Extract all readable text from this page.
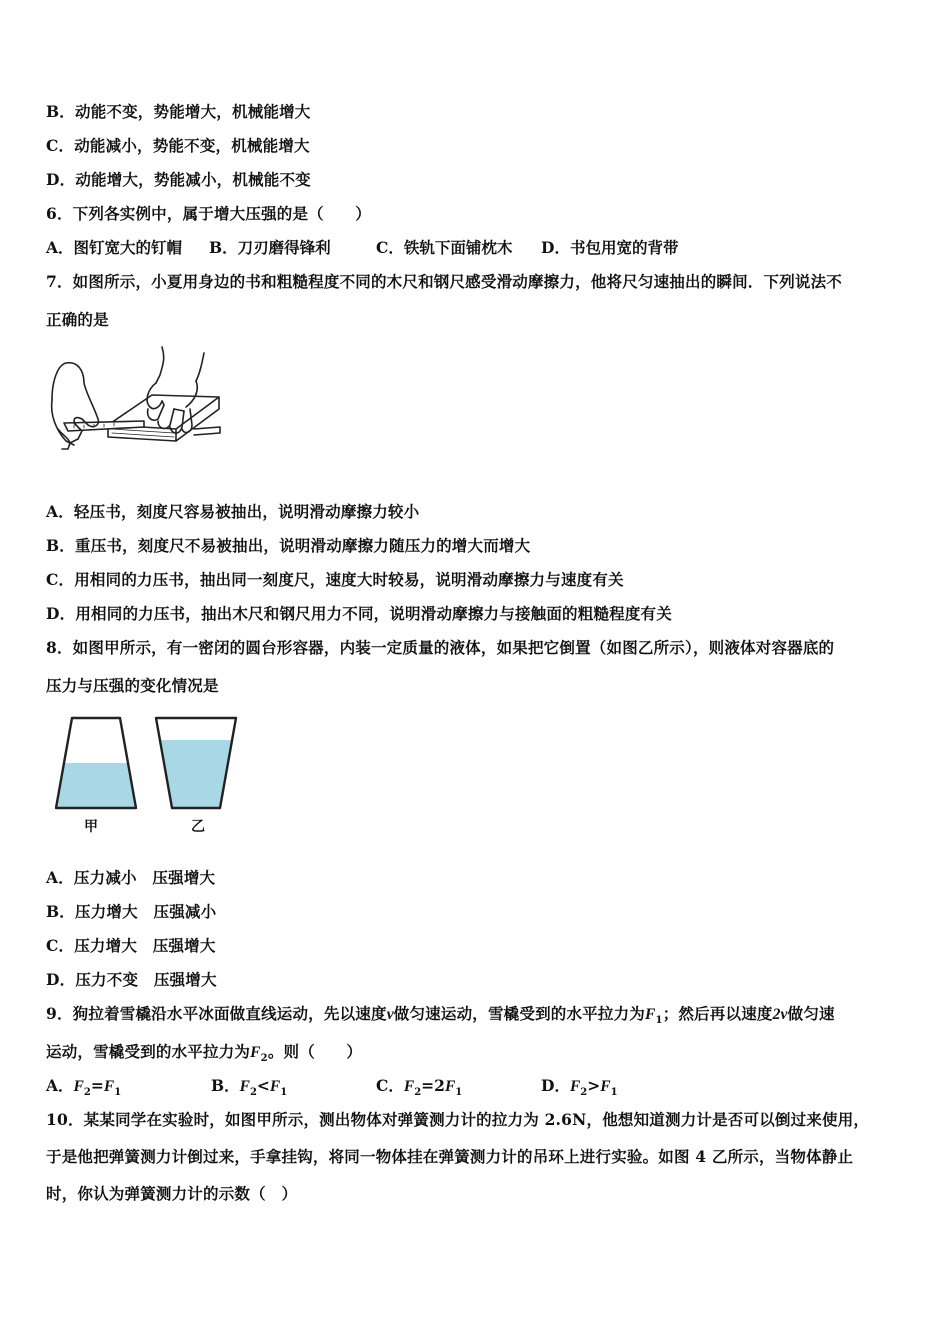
B．动能不变，势能增大，机械能增大
C．动能减小，势能不变，机械能增大
D．动能增大，势能减小，机械能不变
6．下列各实例中，属于增大压强的是（　　）
A．图钉宽大的钉帽 B．刀刃磨得锋利	C．铁轨下面铺枕木 D．书包用宽的背带
7．如图所示，小夏用身边的书和粗糙程度不同的木尺和钢尺感受滑动摩擦力，他将尺匀速抽出的瞬间．下列说法不
正确的是
A．轻压书，刻度尺容易被抽出，说明滑动摩擦力较小
B．重压书，刻度尺不易被抽出，说明滑动摩擦力随压力的增大而增大
C．用相同的力压书，抽出同一刻度尺，速度大时较易，说明滑动摩擦力与速度有关
D．用相同的力压书，抽出木尺和钢尺用力不同，说明滑动摩擦力与接触面的粗糙程度有关
8．如图甲所示，有一密闭的圆台形容器，内装一定质量的液体，如果把它倒置（如图乙所示），则液体对容器底的
压力与压强的变化情况是
甲	乙
A．压力减小　压强增大
B．压力增大　压强减小
C．压力增大　压强增大
D．压力不变　压强增大
9．狗拉着雪橇沿水平冰面做直线运动，先以速度v做匀速运动，雪橇受到的水平拉力为$F_1$；然后再以速度2v做匀速
运动，雪橇受到的水平拉力为$F_2$。则（　　）
A．$F_2=F_1$	B．$F_2<F_1$	C．$F_2=2F_1$	D．$F_2>F_1$
10．某某同学在实验时，如图甲所示，测出物体对弹簧测力计的拉力为 2.6N，他想知道测力计是否可以倒过来使用，
于是他把弹簧测力计倒过来，手拿挂钩，将同一物体挂在弹簧测力计的吊环上进行实验。如图 4 乙所示，当物体静止
时，你认为弹簧测力计的示数（　）
